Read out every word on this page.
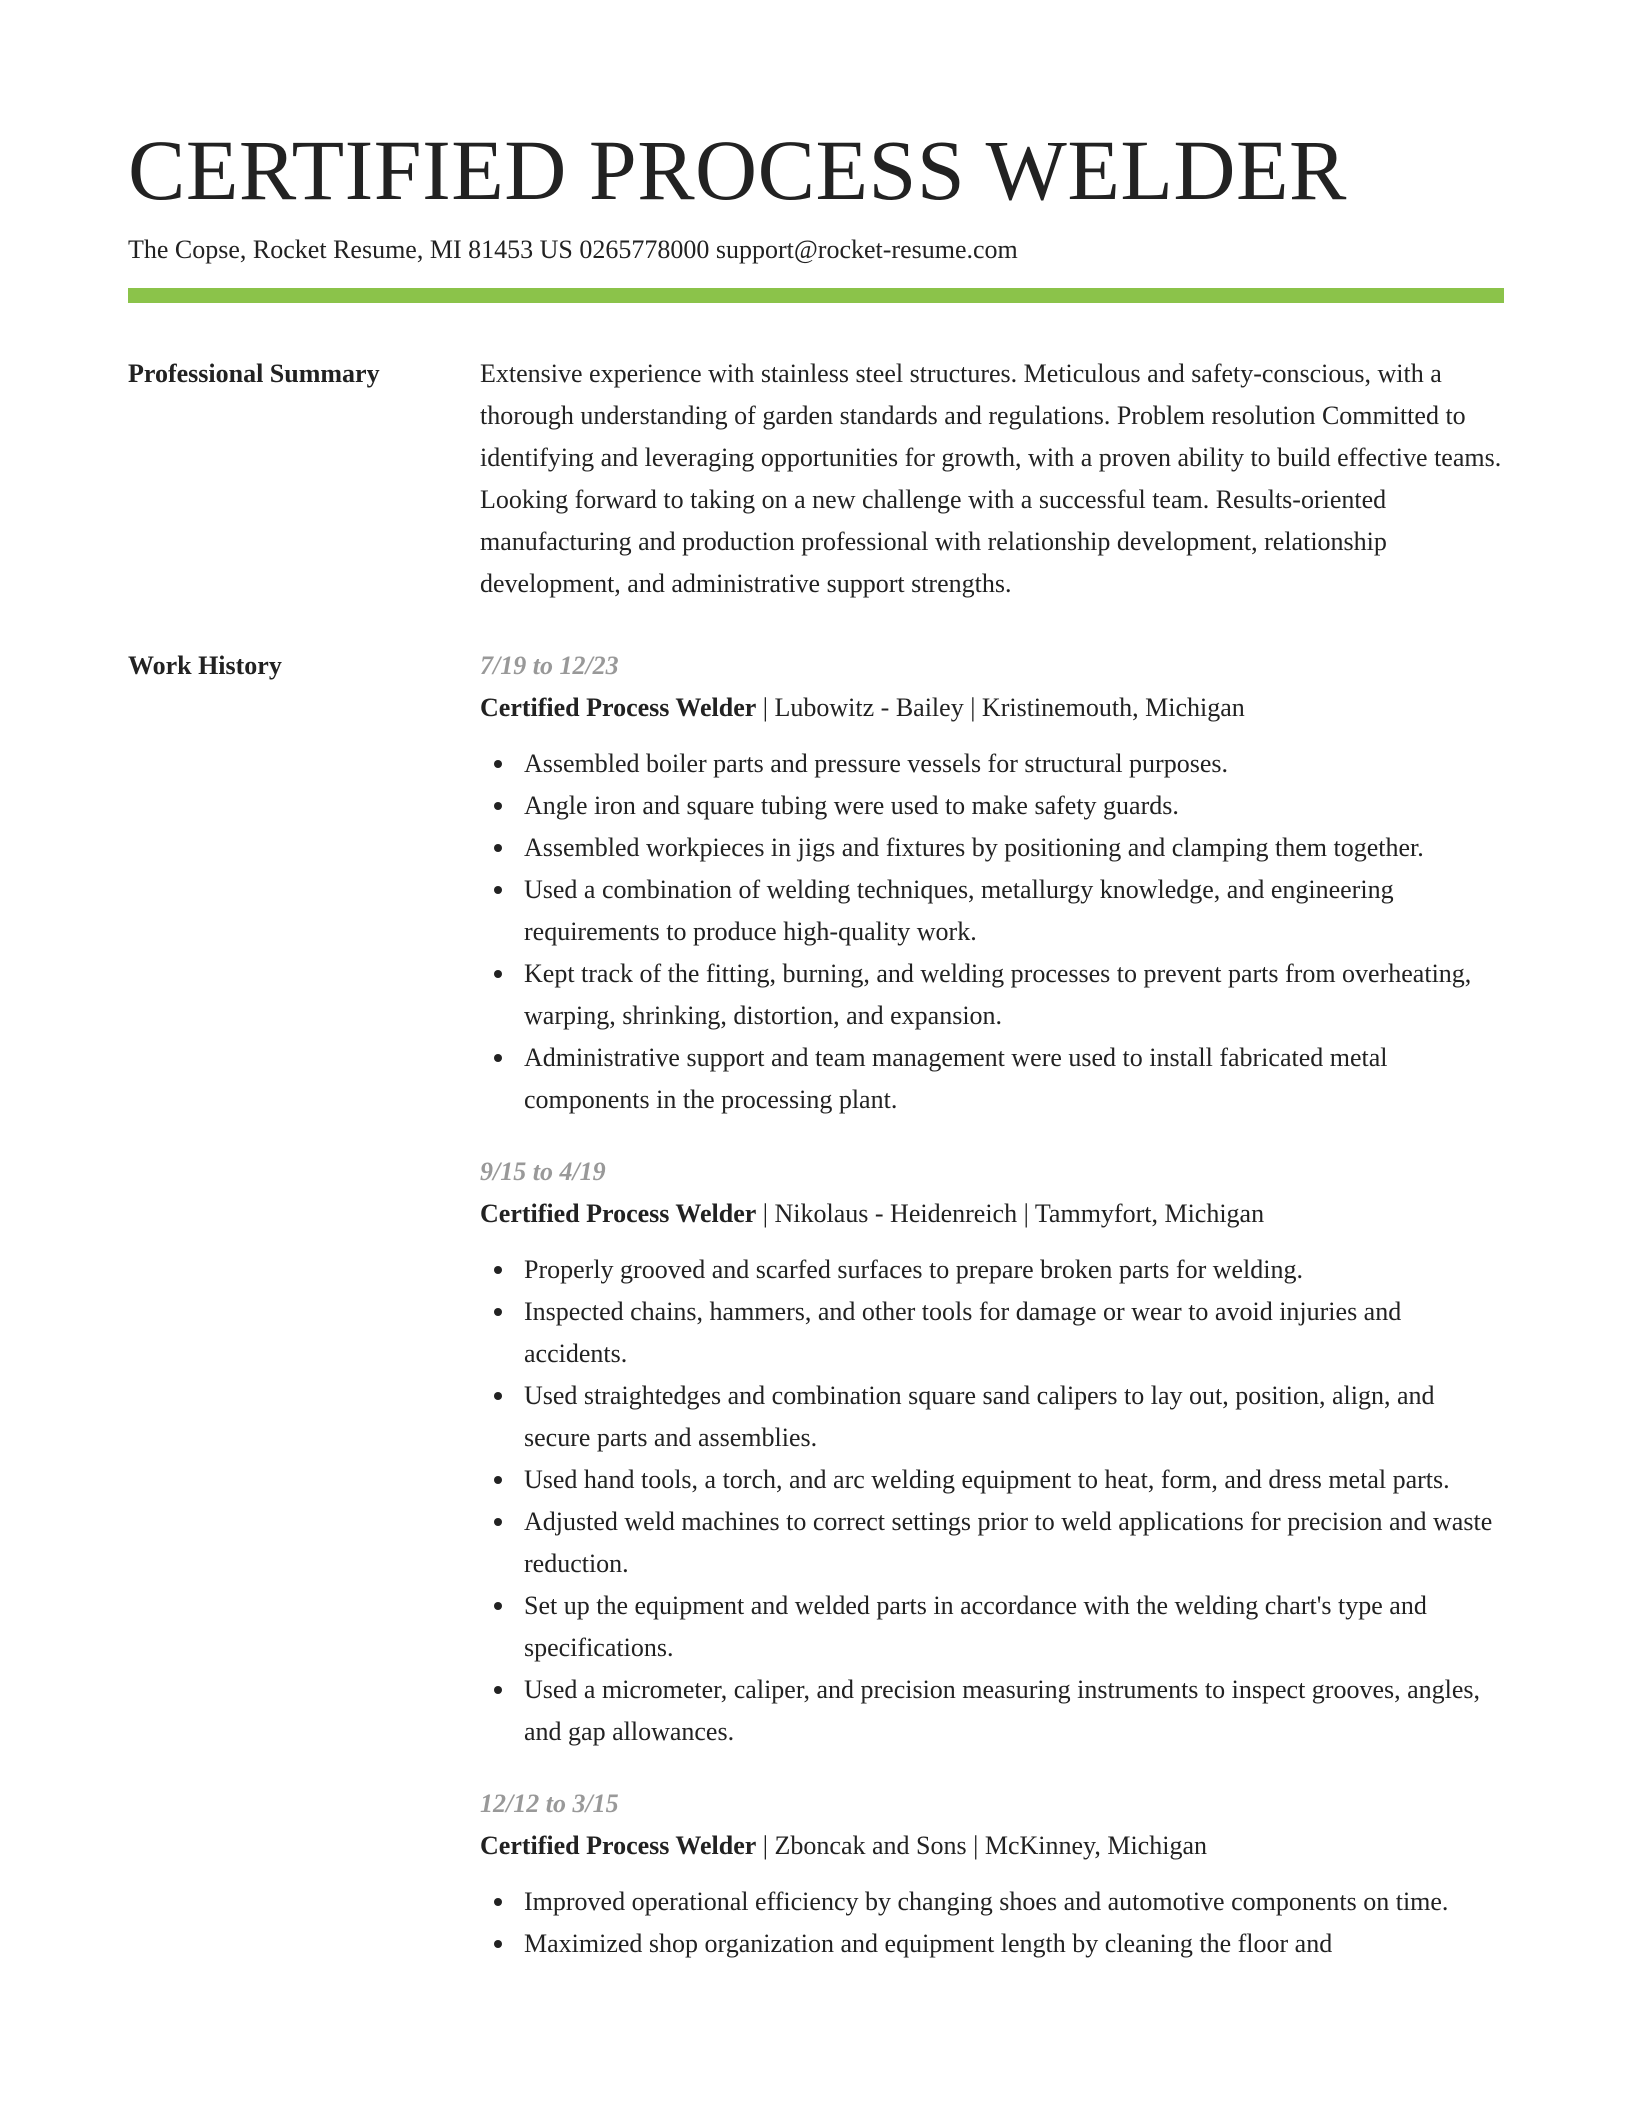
CERTIFIED PROCESS WELDER
The Copse, Rocket Resume, MI 81453 US 0265778000 support@rocket-resume.com
Professional Summary	Extensive experience with stainless steel structures. Meticulous and safety-conscious, with a thorough understanding of garden standards and regulations. Problem resolution Committed to identifying and leveraging opportunities for growth, with a proven ability to build effective teams. Looking forward to taking on a new challenge with a successful team. Results-oriented manufacturing and production professional with relationship development, relationship development, and administrative support strengths.

Work History	7/19 to 12/23
Certified Process Welder | Lubowitz - Bailey | Kristinemouth, Michigan
Assembled boiler parts and pressure vessels for structural purposes.
Angle iron and square tubing were used to make safety guards.
Assembled workpieces in jigs and fixtures by positioning and clamping them together.
Used a combination of welding techniques, metallurgy knowledge, and engineering requirements to produce high-quality work.
Kept track of the fitting, burning, and welding processes to prevent parts from overheating, warping, shrinking, distortion, and expansion.
Administrative support and team management were used to install fabricated metal components in the processing plant.
9/15 to 4/19
Certified Process Welder | Nikolaus - Heidenreich | Tammyfort, Michigan
Properly grooved and scarfed surfaces to prepare broken parts for welding.
Inspected chains, hammers, and other tools for damage or wear to avoid injuries and accidents.
Used straightedges and combination square sand calipers to lay out, position, align, and secure parts and assemblies.
Used hand tools, a torch, and arc welding equipment to heat, form, and dress metal parts.
Adjusted weld machines to correct settings prior to weld applications for precision and waste reduction.
Set up the equipment and welded parts in accordance with the welding chart's type and specifications.
Used a micrometer, caliper, and precision measuring instruments to inspect grooves, angles, and gap allowances.
12/12 to 3/15
Certified Process Welder | Zboncak and Sons | McKinney, Michigan
Improved operational efficiency by changing shoes and automotive components on time.
Maximized shop organization and equipment length by cleaning the floor and
